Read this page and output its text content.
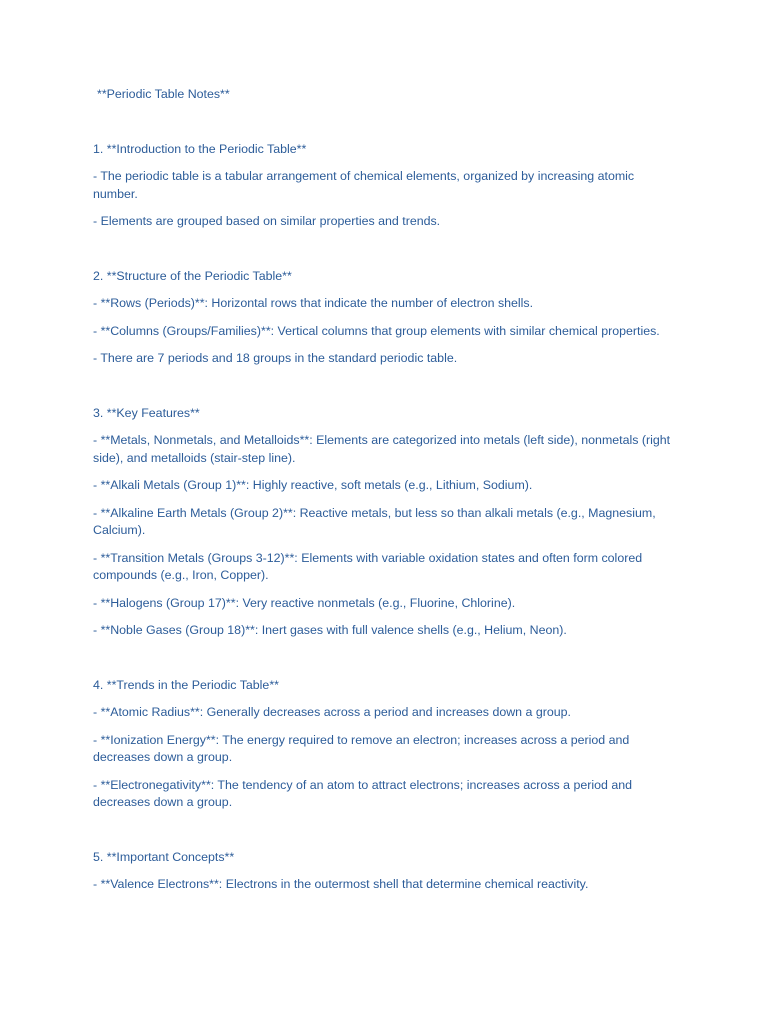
**Periodic Table Notes**

1. **Introduction to the Periodic Table**

- The periodic table is a tabular arrangement of chemical elements, organized by increasing atomic number.

- Elements are grouped based on similar properties and trends.

2. **Structure of the Periodic Table**

- **Rows (Periods)**: Horizontal rows that indicate the number of electron shells.

- **Columns (Groups/Families)**: Vertical columns that group elements with similar chemical properties.

- There are 7 periods and 18 groups in the standard periodic table.

3. **Key Features**

- **Metals, Nonmetals, and Metalloids**: Elements are categorized into metals (left side), nonmetals (right side), and metalloids (stair-step line).

- **Alkali Metals (Group 1)**: Highly reactive, soft metals (e.g., Lithium, Sodium).

- **Alkaline Earth Metals (Group 2)**: Reactive metals, but less so than alkali metals (e.g., Magnesium, Calcium).

- **Transition Metals (Groups 3-12)**: Elements with variable oxidation states and often form colored compounds (e.g., Iron, Copper).

- **Halogens (Group 17)**: Very reactive nonmetals (e.g., Fluorine, Chlorine).

- **Noble Gases (Group 18)**: Inert gases with full valence shells (e.g., Helium, Neon).

4. **Trends in the Periodic Table**

- **Atomic Radius**: Generally decreases across a period and increases down a group.

- **Ionization Energy**: The energy required to remove an electron; increases across a period and decreases down a group.

- **Electronegativity**: The tendency of an atom to attract electrons; increases across a period and decreases down a group.

5. **Important Concepts**

- **Valence Electrons**: Electrons in the outermost shell that determine chemical reactivity.
